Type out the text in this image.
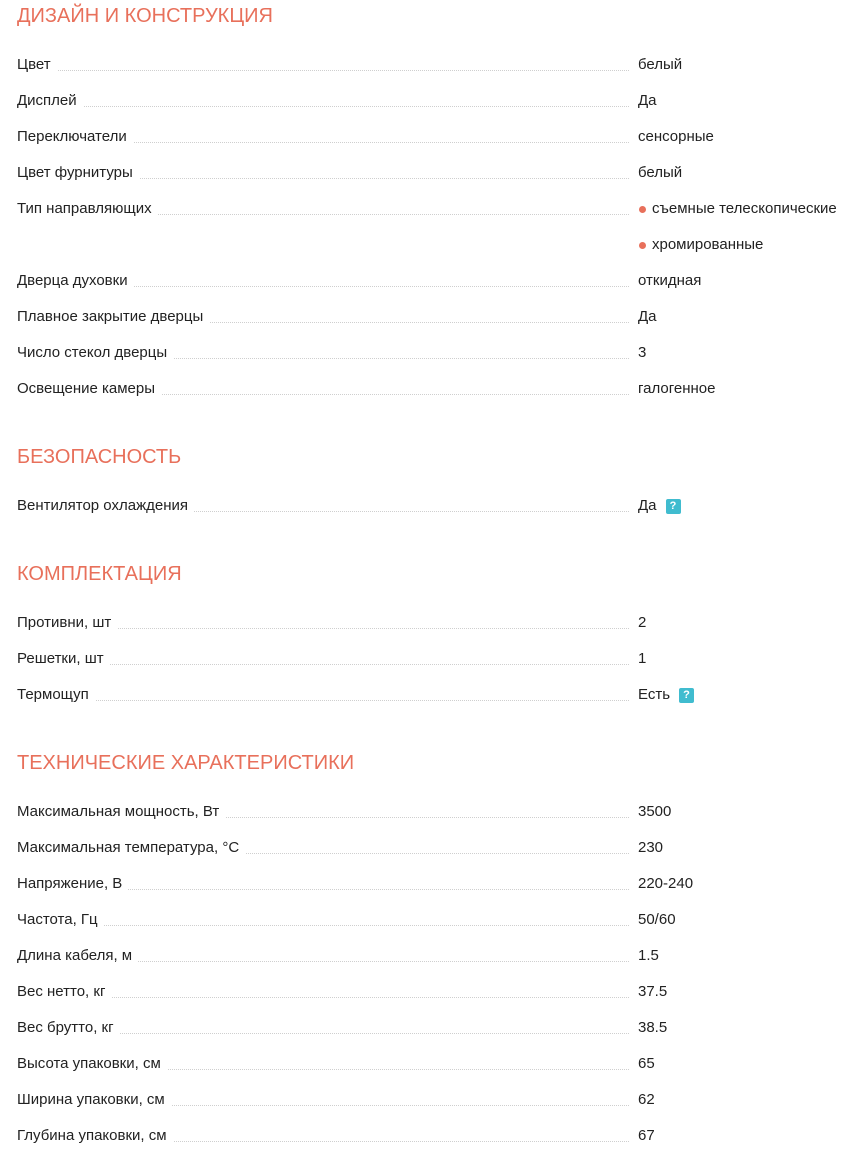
ДИЗАЙН И КОНСТРУКЦИЯ
Цвет	белый
Дисплей	Да
Переключатели	сенсорные
Цвет фурнитуры	белый
Тип направляющих	съемные телескопические
хромированные
Дверца духовки	откидная
Плавное закрытие дверцы	Да
Число стекол дверцы	3
Освещение камеры	галогенное
БЕЗОПАСНОСТЬ
Вентилятор охлаждения	Да	?
КОМПЛЕКТАЦИЯ
Противни, шт	2
Решетки, шт	1
Термощуп	Есть	?
ТЕХНИЧЕСКИЕ ХАРАКТЕРИСТИКИ
Максимальная мощность, Вт	3500
Максимальная температура, °C	230
Напряжение, В	220-240
Частота, Гц	50/60
Длина кабеля, м	1.5
Вес нетто, кг	37.5
Вес брутто, кг	38.5
Высота упаковки, см	65
Ширина упаковки, см	62
Глубина упаковки, см	67
